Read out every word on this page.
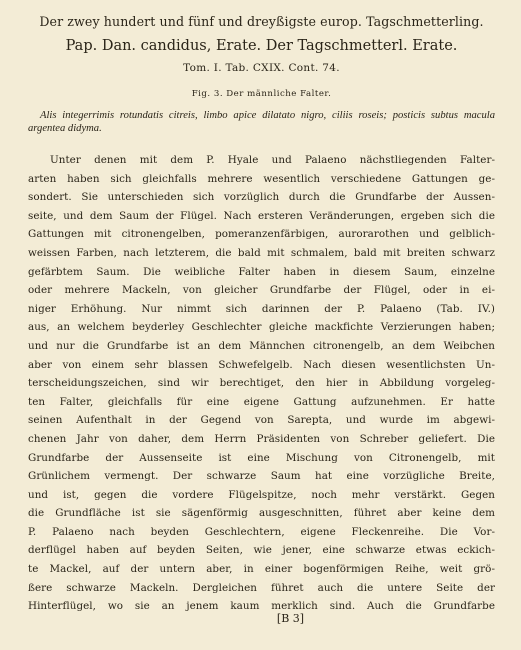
Der zwey hundert und fünf und dreyßigste europ. Tagschmetterling.
Pap. Dan. candidus, Erate. Der Tagschmetterl. Erate.
Tom. I. Tab. CXIX. Cont. 74.
Fig. 3. Der männliche Falter.
Alis integerrimis rotundatis citreis, limbo apice dilatato nigro, ciliis roseis; posticis subtus macula argentea didyma.
Unter denen mit dem P. Hyale und Palaeno nächstliegenden Falter-
arten haben sich gleichfalls mehrere wesentlich verschiedene Gattungen ge-
sondert. Sie unterschieden sich vorzüglich durch die Grundfarbe der Aussen-
seite, und dem Saum der Flügel. Nach ersteren Veränderungen, ergeben sich die
Gattungen mit citronengelben, pomeranzenfärbigen, aurorarothen und gelblich-
weissen Farben, nach letzterem, die bald mit schmalem, bald mit breiten schwarz
gefärbtem Saum. Die weibliche Falter haben in diesem Saum, einzelne
oder mehrere Mackeln, von gleicher Grundfarbe der Flügel, oder in ei-
niger Erhöhung. Nur nimmt sich darinnen der P. Palaeno (Tab. IV.)
aus, an welchem beyderley Geschlechter gleiche mackfichte Verzierungen haben;
und nur die Grundfarbe ist an dem Männchen citronengelb, an dem Weibchen
aber von einem sehr blassen Schwefelgelb. Nach diesen wesentlichsten Un-
terscheidungszeichen, sind wir berechtiget, den hier in Abbildung vorgeleg-
ten Falter, gleichfalls für eine eigene Gattung aufzunehmen. Er hatte
seinen Aufenthalt in der Gegend von Sarepta, und wurde im abgewi-
chenen Jahr von daher, dem Herrn Präsidenten von Schreber geliefert. Die
Grundfarbe der Aussenseite ist eine Mischung von Citronengelb, mit
Grünlichem vermengt. Der schwarze Saum hat eine vorzügliche Breite,
und ist, gegen die vordere Flügelspitze, noch mehr verstärkt. Gegen
die Grundfläche ist sie sägenförmig ausgeschnitten, führet aber keine dem
P. Palaeno nach beyden Geschlechtern, eigene Fleckenreihe. Die Vor-
derflügel haben auf beyden Seiten, wie jener, eine schwarze etwas eckich-
te Mackel, auf der untern aber, in einer bogenförmigen Reihe, weit grö-
ßere schwarze Mackeln. Dergleichen führet auch die untere Seite der
Hinterflügel, wo sie an jenem kaum merklich sind. Auch die Grundfarbe
[B 3]
